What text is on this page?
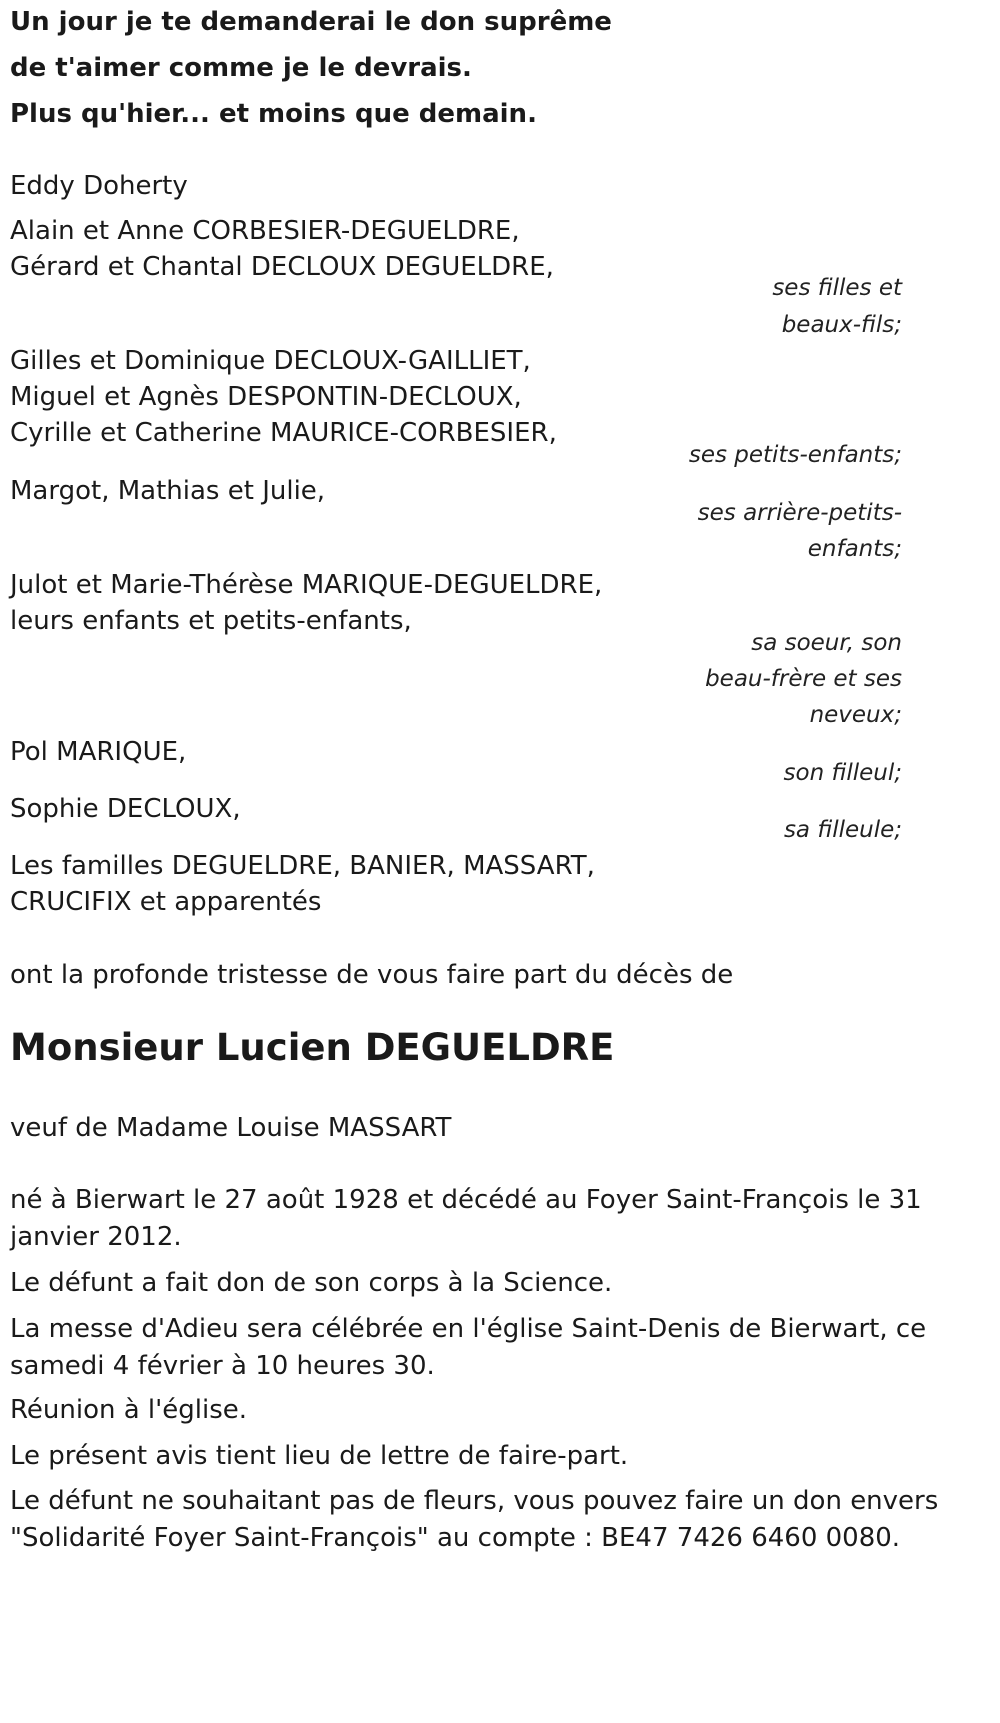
Un jour je te demanderai le don suprême
de t'aimer comme je le devrais.
Plus qu'hier... et moins que demain.
Eddy Doherty
Alain et Anne CORBESIER-DEGUELDRE,
Gérard et Chantal DECLOUX DEGUELDRE,
ses filles et
beaux-fils;
Gilles et Dominique DECLOUX-GAILLIET,
Miguel et Agnès DESPONTIN-DECLOUX,
Cyrille et Catherine MAURICE-CORBESIER,
ses petits-enfants;
Margot, Mathias et Julie,
ses arrière-petits-
enfants;
Julot et Marie-Thérèse MARIQUE-DEGUELDRE,
leurs enfants et petits-enfants,
sa soeur, son
beau-frère et ses
neveux;
Pol MARIQUE,
son filleul;
Sophie DECLOUX,
sa filleule;
Les familles DEGUELDRE, BANIER, MASSART,
CRUCIFIX et apparentés
ont la profonde tristesse de vous faire part du décès de
Monsieur Lucien DEGUELDRE
veuf de Madame Louise MASSART
né à Bierwart le 27 août 1928 et décédé au Foyer Saint-François le 31 janvier 2012.
Le défunt a fait don de son corps à la Science.
La messe d'Adieu sera célébrée en l'église Saint-Denis de Bierwart, ce samedi 4 février à 10 heures 30.
Réunion à l'église.
Le présent avis tient lieu de lettre de faire-part.
Le défunt ne souhaitant pas de fleurs, vous pouvez faire un don envers "Solidarité Foyer Saint-François" au compte : BE47 7426 6460 0080.
